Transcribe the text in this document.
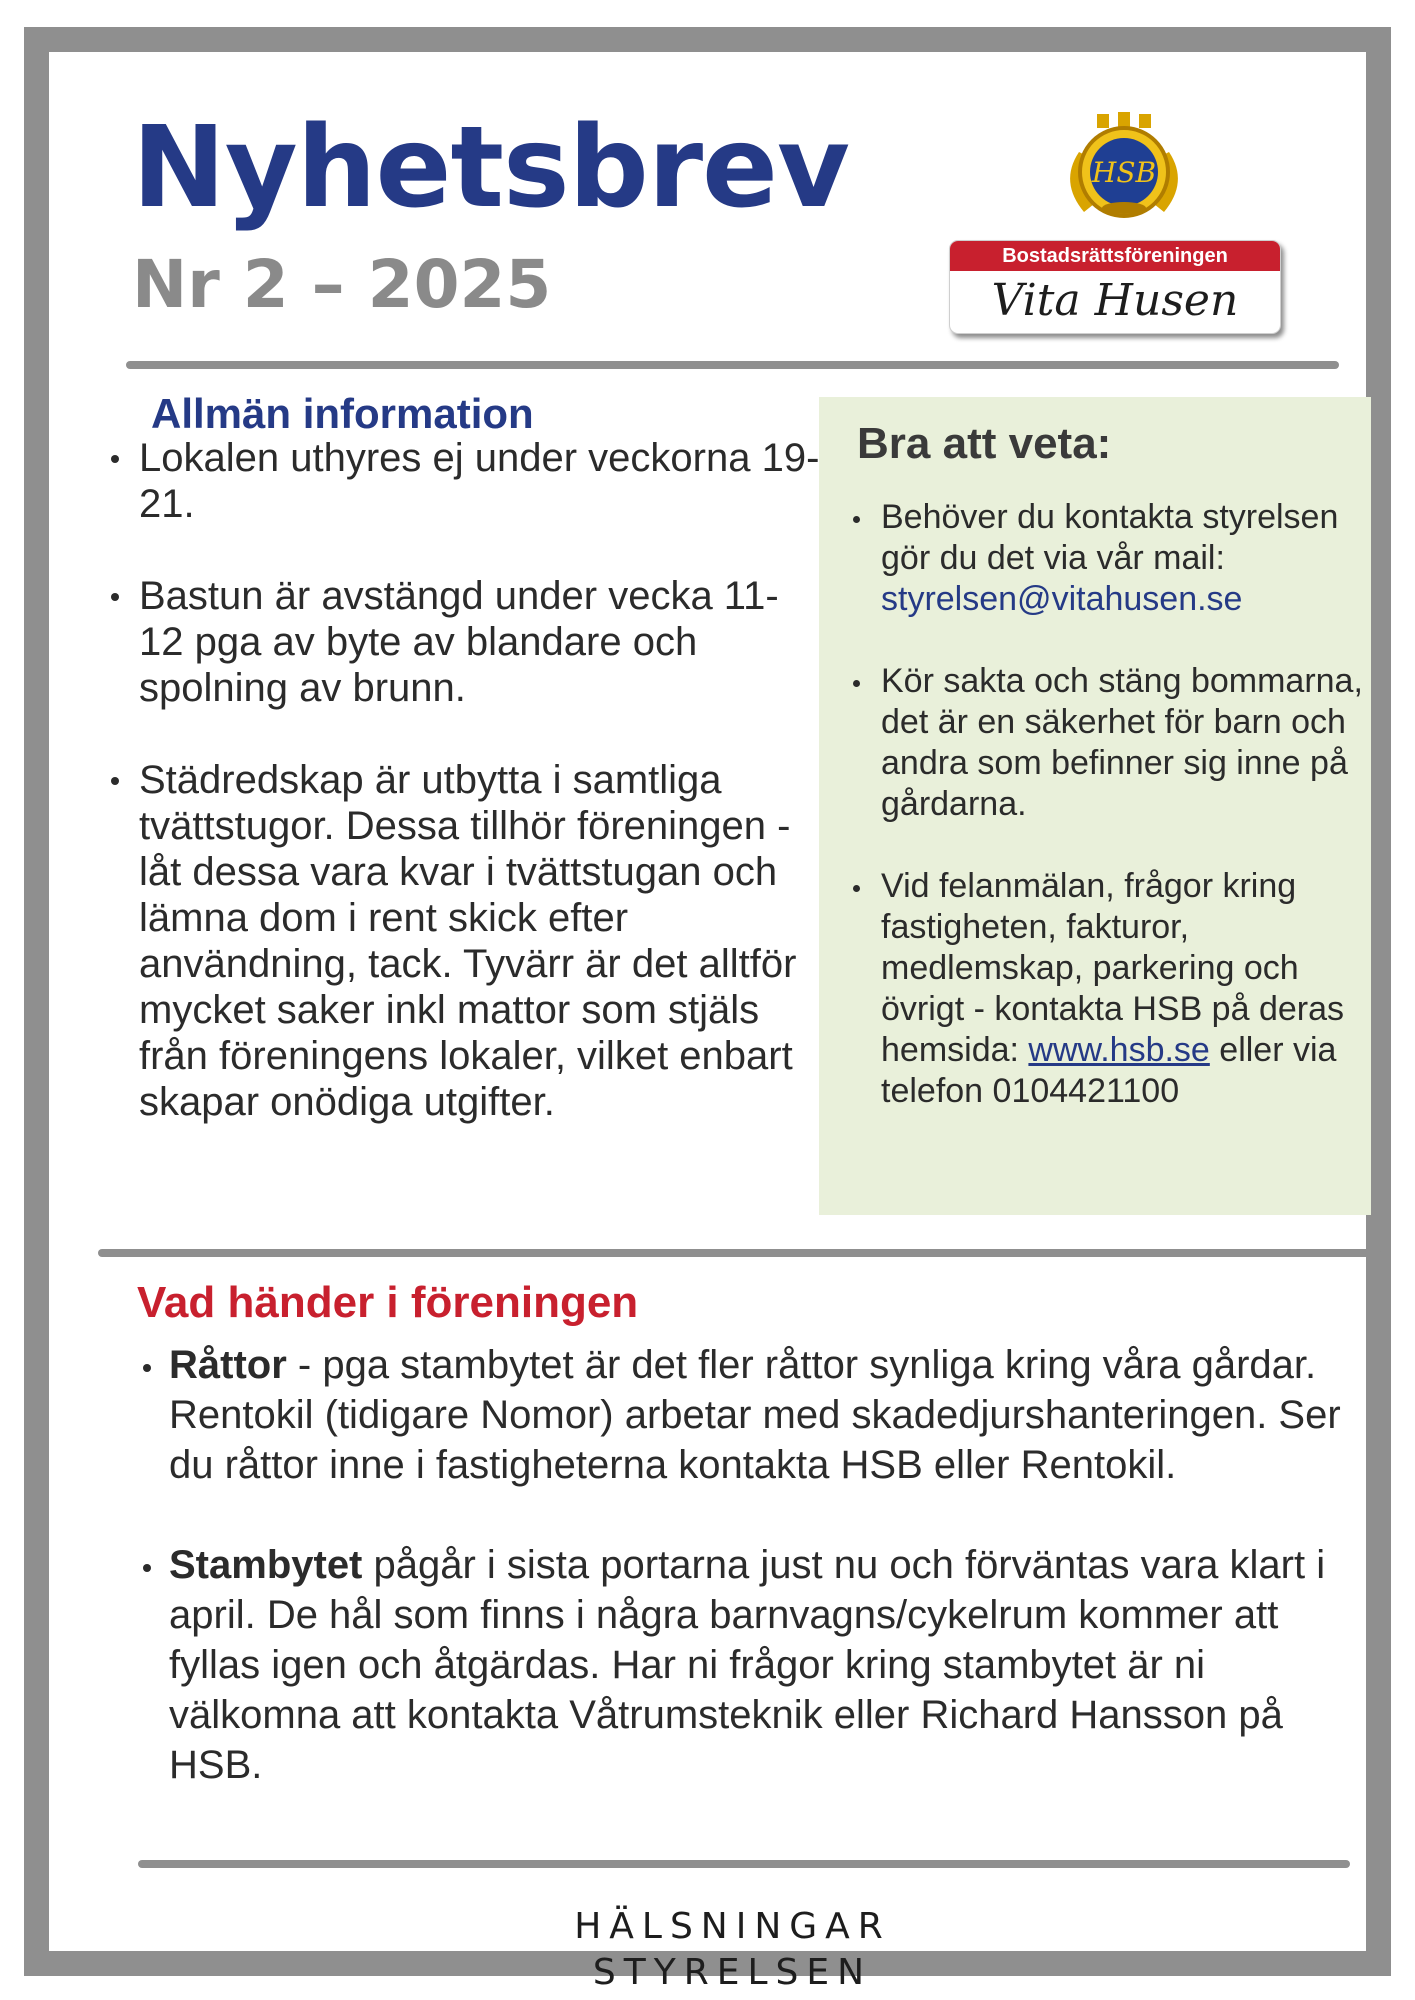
Nyhetsbrev
Nr 2 – 2025
HSB
Bostadsrättsföreningen
Vita Husen
Allmän information
Lokalen uthyres ej under veckorna 19-21.
Bastun är avstängd under vecka 11-12 pga av byte av blandare och spolning av brunn.
Städredskap är utbytta i samtliga tvättstugor. Dessa tillhör föreningen - låt dessa vara kvar i tvättstugan och lämna dom i rent skick efter användning, tack. Tyvärr är det alltför mycket saker inkl mattor som stjäls från föreningens lokaler, vilket enbart skapar onödiga utgifter.
Bra att veta:
Behöver du kontakta styrelsen gör du det via vår mail:
styrelsen@vitahusen.se
Kör sakta och stäng bommarna, det är en säkerhet för barn och andra som befinner sig inne på gårdarna.
Vid felanmälan, frågor kring fastigheten, fakturor, medlemskap, parkering och övrigt - kontakta HSB på deras hemsida: www.hsb.se eller via telefon 0104421100
Vad händer i föreningen
Råttor - pga stambytet är det fler råttor synliga kring våra gårdar. Rentokil (tidigare Nomor) arbetar med skadedjurshanteringen. Ser du råttor inne i fastigheterna kontakta HSB eller Rentokil.
Stambytet pågår i sista portarna just nu och förväntas vara klart i april. De hål som finns i några barnvagns/cykelrum kommer att fyllas igen och åtgärdas. Har ni frågor kring stambytet är ni välkomna att kontakta Våtrumsteknik eller Richard Hansson på HSB.
HÄLSNINGAR
STYRELSEN
